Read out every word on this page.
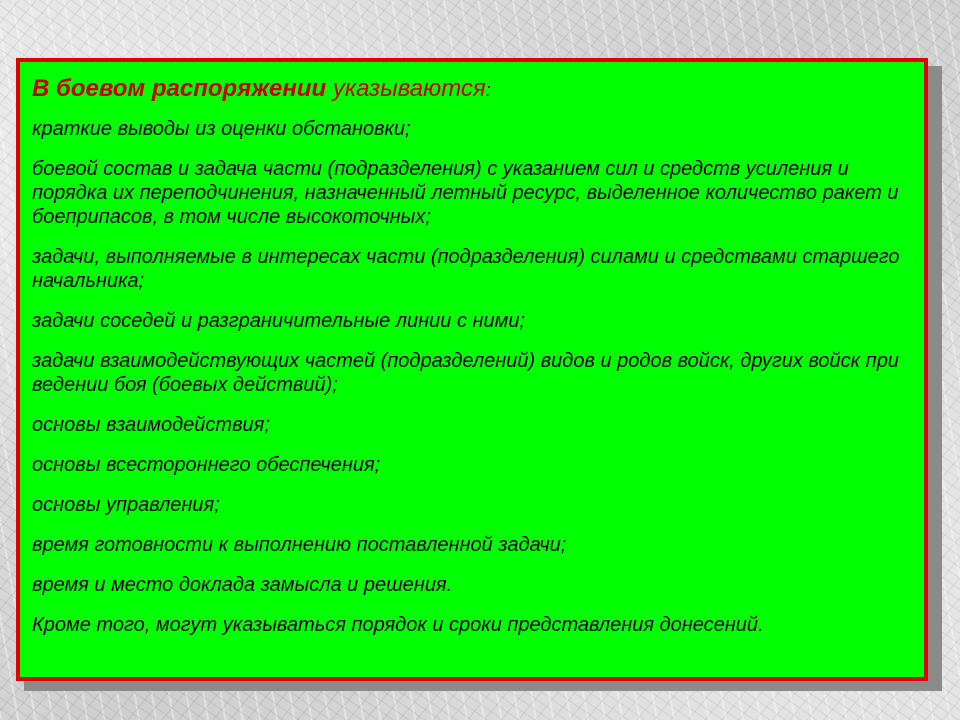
В боевом распоряжении указываются:

краткие выводы из оценки обстановки;

боевой состав и задача части (подразделения) с указанием сил и средств усиления и порядка их переподчинения, назначенный летный ресурс, выделенное количество ракет и боеприпасов, в том числе высокоточных;

задачи, выполняемые в интересах части (подразделения) силами и средствами старшего начальника;

задачи соседей и разграничительные линии с ними;

задачи взаимодействующих частей (подразделений) видов и родов войск, других войск при ведении боя (боевых действий);

основы взаимодействия;

основы всестороннего обеспечения;

основы управления;

время готовности к выполнению поставленной задачи;

время и место доклада замысла и решения.

Кроме того, могут указываться порядок и сроки представления донесений.
